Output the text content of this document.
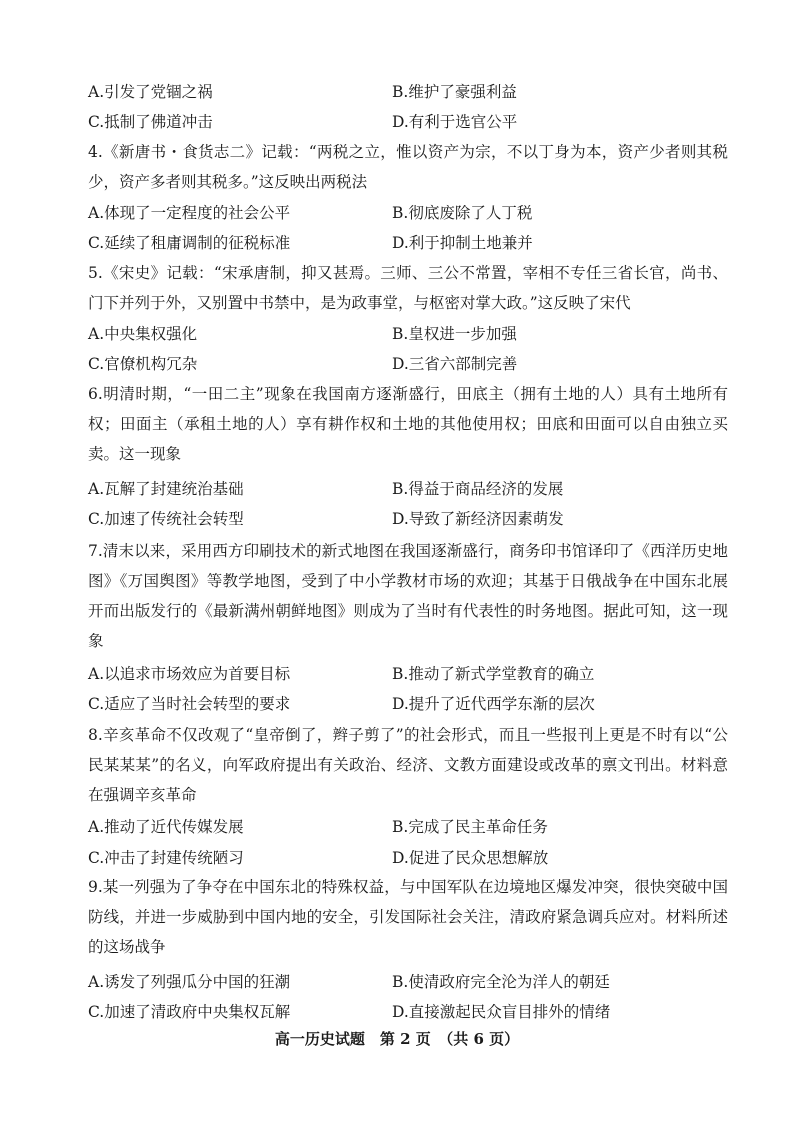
A.引发了党锢之祸	B.维护了豪强利益
C.抵制了佛道冲击	D.有利于选官公平
4.《新唐书・食货志二》记载：“两税之立，惟以资产为宗，不以丁身为本，资产少者则其税少，资产多者则其税多。”这反映出两税法
A.体现了一定程度的社会公平	B.彻底废除了人丁税
C.延续了租庸调制的征税标准	D.利于抑制土地兼并
5.《宋史》记载：“宋承唐制，抑又甚焉。三师、三公不常置，宰相不专任三省长官，尚书、门下并列于外，又别置中书禁中，是为政事堂，与枢密对掌大政。”这反映了宋代
A.中央集权强化	B.皇权进一步加强
C.官僚机构冗杂	D.三省六部制完善
6.明清时期，“一田二主”现象在我国南方逐渐盛行，田底主（拥有土地的人）具有土地所有权；田面主（承租土地的人）享有耕作权和土地的其他使用权；田底和田面可以自由独立买卖。这一现象
A.瓦解了封建统治基础	B.得益于商品经济的发展
C.加速了传统社会转型	D.导致了新经济因素萌发
7.清末以来，采用西方印刷技术的新式地图在我国逐渐盛行，商务印书馆译印了《西洋历史地图》《万国舆图》等教学地图，受到了中小学教材市场的欢迎；其基于日俄战争在中国东北展开而出版发行的《最新满州朝鲜地图》则成为了当时有代表性的时务地图。据此可知，这一现象
A.以追求市场效应为首要目标	B.推动了新式学堂教育的确立
C.适应了当时社会转型的要求	D.提升了近代西学东渐的层次
8.辛亥革命不仅改观了“皇帝倒了，辫子剪了”的社会形式，而且一些报刊上更是不时有以“公民某某某”的名义，向军政府提出有关政治、经济、文教方面建设或改革的禀文刊出。材料意在强调辛亥革命
A.推动了近代传媒发展	B.完成了民主革命任务
C.冲击了封建传统陋习	D.促进了民众思想解放
9.某一列强为了争夺在中国东北的特殊权益，与中国军队在边境地区爆发冲突，很快突破中国防线，并进一步威胁到中国内地的安全，引发国际社会关注，清政府紧急调兵应对。材料所述的这场战争
A.诱发了列强瓜分中国的狂潮	B.使清政府完全沦为洋人的朝廷
C.加速了清政府中央集权瓦解	D.直接激起民众盲目排外的情绪
高一历史试题　第 2 页　（共 6 页）
